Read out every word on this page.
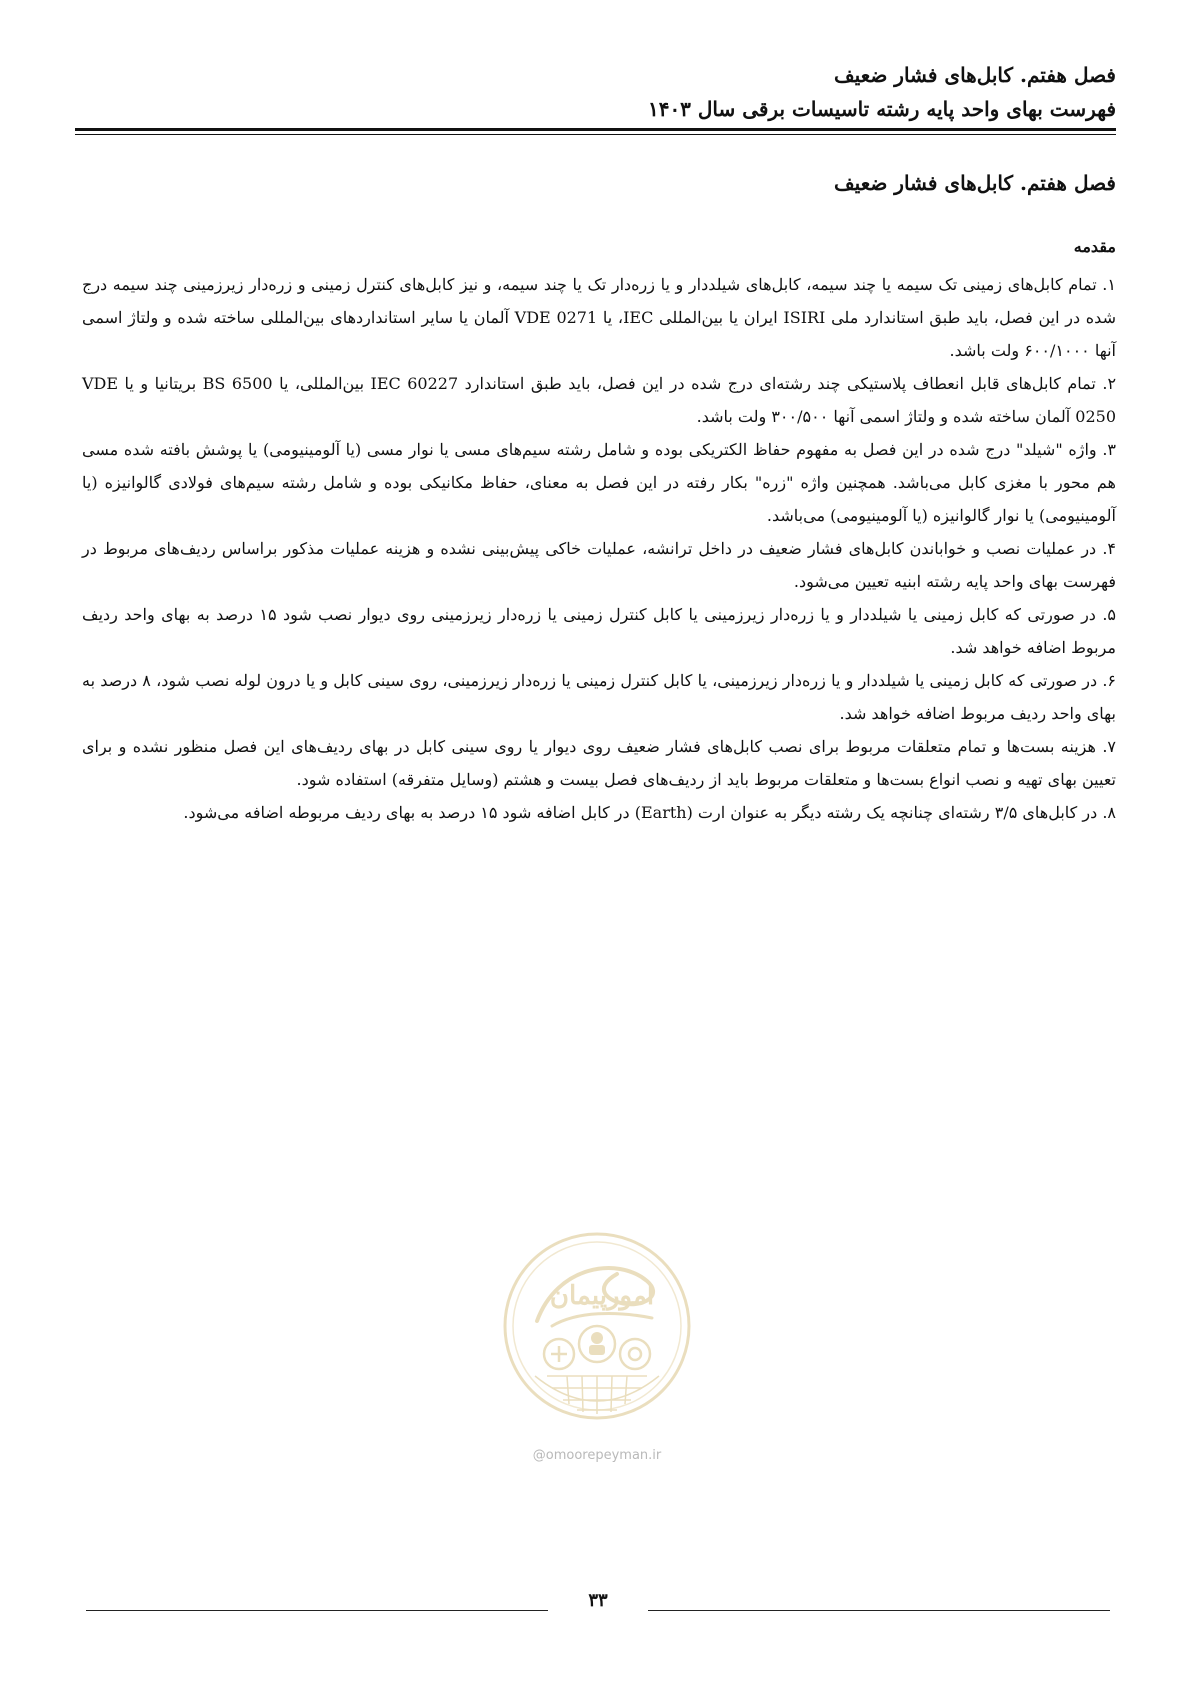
فصل هفتم. کابل‌های فشار ضعیف

فهرست بهای واحد پایه رشته تاسیسات برقی سال ۱۴۰۳

فصل هفتم. کابل‌های فشار ضعیف
مقدمه

۱. تمام کابل‌های زمینی تک سیمه یا چند سیمه، کابل‌های شیلددار و یا زره‌دار تک یا چند سیمه، و نیز کابل‌های کنترل زمینی و زره‌دار زیرزمینی چند سیمه درج شده در این فصل، باید طبق استاندارد ملی ISIRI ایران یا بین‌المللی IEC، یا VDE 0271 آلمان یا سایر استانداردهای بین‌المللی ساخته شده و ولتاژ اسمی آنها ۶۰۰/۱۰۰۰ ولت باشد.

۲. تمام کابل‌های قابل انعطاف پلاستیکی چند رشته‌ای درج شده در این فصل، باید طبق استاندارد IEC 60227 بین‌المللی، یا BS 6500 بریتانیا و یا VDE 0250 آلمان ساخته شده و ولتاژ اسمی آنها ۳۰۰/۵۰۰ ولت باشد.

۳. واژه "شیلد" درج شده در این فصل به مفهوم حفاظ الکتریکی بوده و شامل رشته سیم‌های مسی یا نوار مسی (یا آلومینیومی) یا پوشش بافته شده مسی هم محور با مغزی کابل می‌باشد. همچنین واژه "زره" بکار رفته در این فصل به معنای، حفاظ مکانیکی بوده و شامل رشته سیم‌های فولادی گالوانیزه (یا آلومینیومی) یا نوار گالوانیزه (یا آلومینیومی) می‌باشد.

۴. در عملیات نصب و خواباندن کابل‌های فشار ضعیف در داخل ترانشه، عملیات خاکی پیش‌بینی نشده و هزینه عملیات مذکور براساس ردیف‌های مربوط در فهرست بهای واحد پایه رشته ابنیه تعیین می‌شود.

۵. در صورتی که کابل زمینی یا شیلددار و یا زره‌دار زیرزمینی یا کابل کنترل زمینی یا زره‌دار زیرزمینی روی دیوار نصب شود ۱۵ درصد به بهای واحد ردیف مربوط اضافه خواهد شد.

۶. در صورتی که کابل زمینی یا شیلددار و یا زره‌دار زیرزمینی، یا کابل کنترل زمینی یا زره‌دار زیرزمینی، روی سینی کابل و یا درون لوله نصب شود، ۸ درصد به بهای واحد ردیف مربوط اضافه خواهد شد.

۷. هزینه بست‌ها و تمام متعلقات مربوط برای نصب کابل‌های فشار ضعیف روی دیوار یا روی سینی کابل در بهای ردیف‌های این فصل منظور نشده و برای تعیین بهای تهیه و نصب انواع بست‌ها و متعلقات مربوط باید از ردیف‌های فصل بیست و هشتم (وسایل متفرقه) استفاده شود.

۸. در کابل‌های ۳/۵ رشته‌ای چنانچه یک رشته دیگر به عنوان ارت (Earth) در کابل اضافه شود ۱۵ درصد به بهای ردیف مربوطه اضافه می‌شود.

امورپیمان
@omoorepeyman.ir
۳۳
